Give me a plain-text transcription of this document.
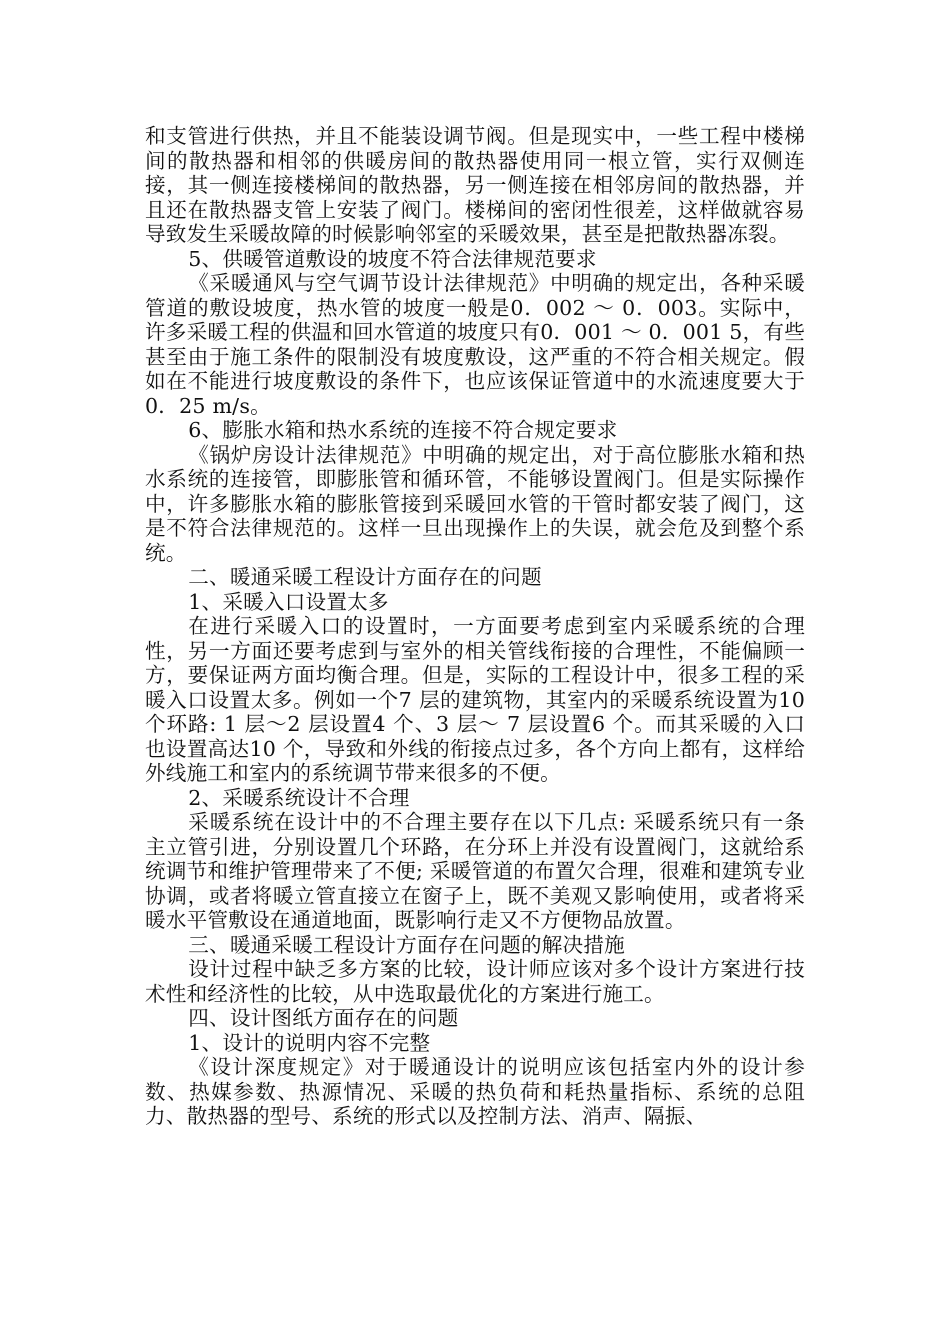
和支管进行供热，并且不能装设调节阀。但是现实中，一些工程中楼梯间的散热器和相邻的供暖房间的散热器使用同一根立管，实行双侧连接，其一侧连接楼梯间的散热器，另一侧连接在相邻房间的散热器，并且还在散热器支管上安装了阀门。楼梯间的密闭性很差，这样做就容易导致发生采暖故障的时候影响邻室的采暖效果，甚至是把散热器冻裂。

5、供暖管道敷设的坡度不符合法律规范要求

《采暖通风与空气调节设计法律规范》中明确的规定出，各种采暖管道的敷设坡度，热水管的坡度一般是0．002 ～ 0．003。实际中，许多采暖工程的供温和回水管道的坡度只有0．001 ～ 0．001 5，有些甚至由于施工条件的限制没有坡度敷设，这严重的不符合相关规定。假如在不能进行坡度敷设的条件下，也应该保证管道中的水流速度要大于0．25 m/s。

6、膨胀水箱和热水系统的连接不符合规定要求

《锅炉房设计法律规范》中明确的规定出，对于高位膨胀水箱和热水系统的连接管，即膨胀管和循环管，不能够设置阀门。但是实际操作中，许多膨胀水箱的膨胀管接到采暖回水管的干管时都安装了阀门，这是不符合法律规范的。这样一旦出现操作上的失误，就会危及到整个系统。

二、暖通采暖工程设计方面存在的问题

1、采暖入口设置太多

在进行采暖入口的设置时，一方面要考虑到室内采暖系统的合理性，另一方面还要考虑到与室外的相关管线衔接的合理性，不能偏顾一方，要保证两方面均衡合理。但是，实际的工程设计中，很多工程的采暖入口设置太多。例如一个7 层的建筑物，其室内的采暖系统设置为10 个环路: 1 层～2 层设置4 个、3 层～ 7 层设置6 个。而其采暖的入口也设置高达10 个，导致和外线的衔接点过多，各个方向上都有，这样给外线施工和室内的系统调节带来很多的不便。

2、采暖系统设计不合理

采暖系统在设计中的不合理主要存在以下几点: 采暖系统只有一条主立管引进，分别设置几个环路，在分环上并没有设置阀门，这就给系统调节和维护管理带来了不便; 采暖管道的布置欠合理，很难和建筑专业协调，或者将暖立管直接立在窗子上，既不美观又影响使用，或者将采暖水平管敷设在通道地面，既影响行走又不方便物品放置。

三、暖通采暖工程设计方面存在问题的解决措施

设计过程中缺乏多方案的比较，设计师应该对多个设计方案进行技术性和经济性的比较，从中选取最优化的方案进行施工。

四、设计图纸方面存在的问题

1、设计的说明内容不完整

《设计深度规定》对于暖通设计的说明应该包括室内外的设计参数、热媒参数、热源情况、采暖的热负荷和耗热量指标、系统的总阻力、散热器的型号、系统的形式以及控制方法、消声、隔振、
